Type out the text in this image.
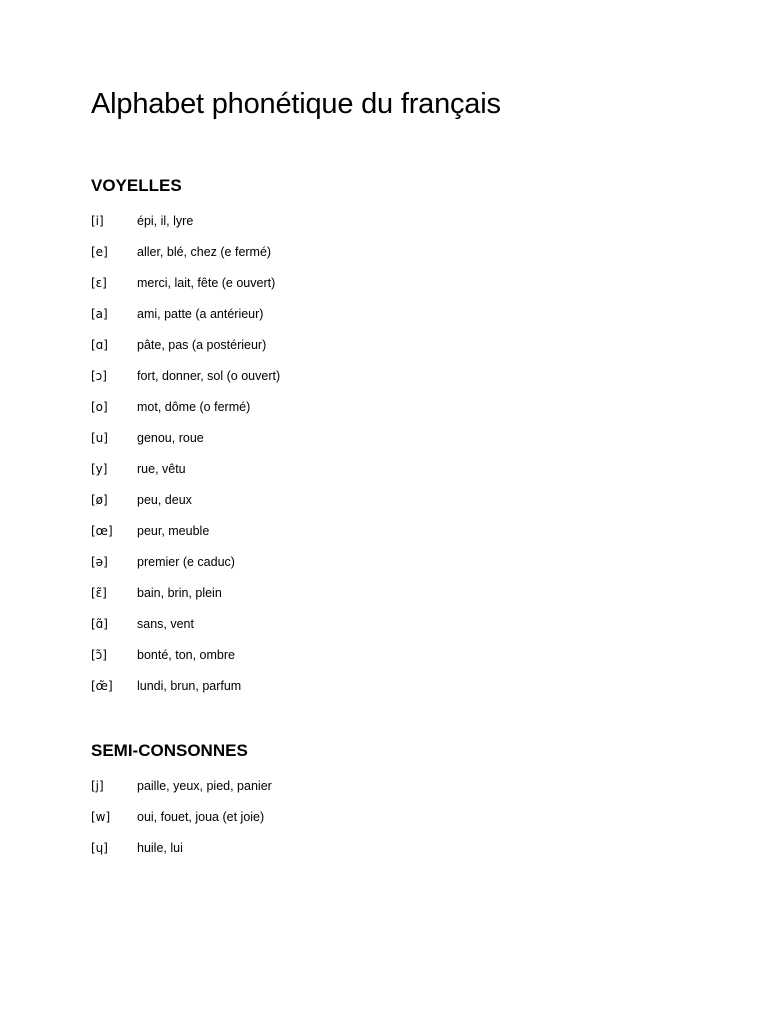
Alphabet phonétique du français
VOYELLES
[i]	épi, il, lyre
[e]	aller, blé, chez (e fermé)
[ɛ]	merci, lait, fête (e ouvert)
[a]	ami, patte (a antérieur)
[ɑ]	pâte, pas (a postérieur)
[ɔ]	fort, donner, sol (o ouvert)
[o]	mot, dôme (o fermé)
[u]	genou, roue
[y]	rue, vêtu
[ø]	peu, deux
[œ]	peur, meuble
[ə]	premier (e caduc)
[ɛ̃]	bain, brin, plein
[ɑ̃]	sans, vent
[ɔ̃]	bonté, ton, ombre
[œ̃]	lundi, brun, parfum
SEMI-CONSONNES
[j]	paille, yeux, pied, panier
[w]	oui, fouet, joua (et joie)
[ɥ]	huile, lui
